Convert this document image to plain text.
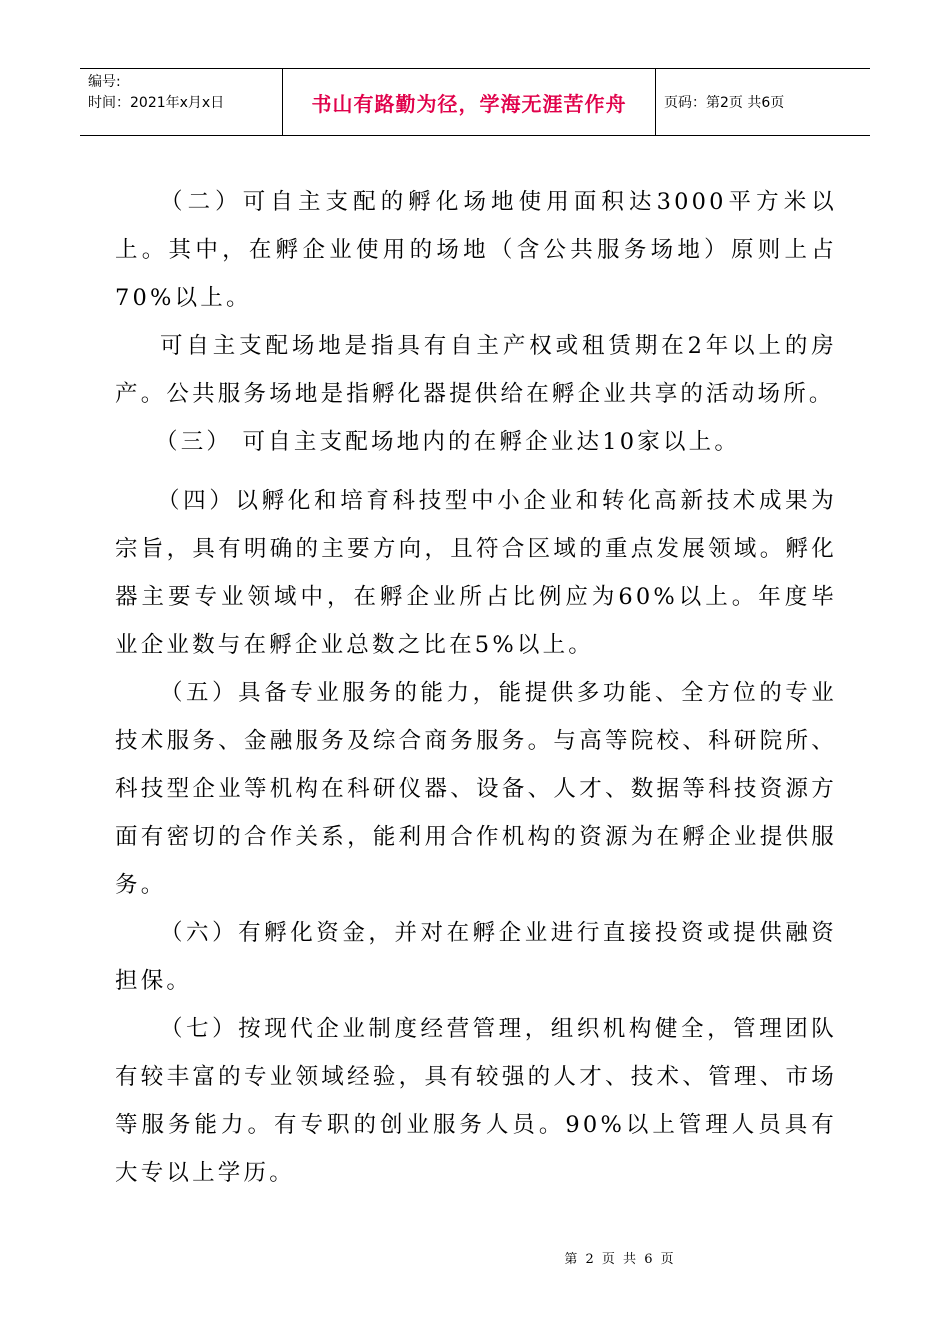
编号:
时间：2021年x月x日	书山有路勤为径，学海无涯苦作舟	页码：第2页 共6页

（二）可自主支配的孵化场地使用面积达3000平方米以上。其中，在孵企业使用的场地（含公共服务场地）原则上占70%以上。

可自主支配场地是指具有自主产权或租赁期在2年以上的房产。公共服务场地是指孵化器提供给在孵企业共享的活动场所。

（三） 可自主支配场地内的在孵企业达10家以上。

（四）以孵化和培育科技型中小企业和转化高新技术成果为宗旨，具有明确的主要方向，且符合区域的重点发展领域。孵化器主要专业领域中，在孵企业所占比例应为60%以上。年度毕业企业数与在孵企业总数之比在5%以上。

（五）具备专业服务的能力，能提供多功能、全方位的专业技术服务、金融服务及综合商务服务。与高等院校、科研院所、科技型企业等机构在科研仪器、设备、人才、数据等科技资源方面有密切的合作关系，能利用合作机构的资源为在孵企业提供服务。

（六）有孵化资金，并对在孵企业进行直接投资或提供融资担保。

（七）按现代企业制度经营管理，组织机构健全，管理团队有较丰富的专业领域经验，具有较强的人才、技术、管理、市场等服务能力。有专职的创业服务人员。90%以上管理人员具有大专以上学历。

第 2 页 共 6 页
